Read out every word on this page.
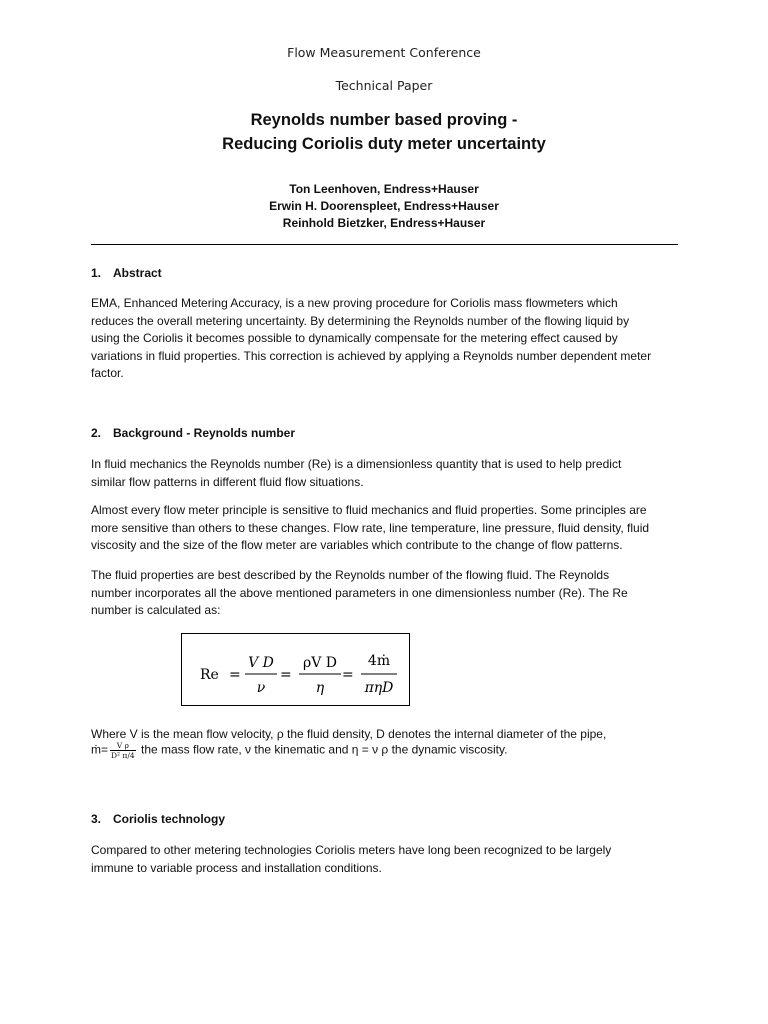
Flow Measurement Conference
Technical Paper
Reynolds number based proving -
Reducing Coriolis duty meter uncertainty
Ton Leenhoven, Endress+Hauser
Erwin H. Doorenspleet, Endress+Hauser
Reinhold Bietzker, Endress+Hauser
1. Abstract
EMA, Enhanced Metering Accuracy, is a new proving procedure for Coriolis mass flowmeters which
reduces the overall metering uncertainty. By determining the Reynolds number of the flowing liquid by
using the Coriolis it becomes possible to dynamically compensate for the metering effect caused by
variations in fluid properties. This correction is achieved by applying a Reynolds number dependent meter
factor.
2. Background - Reynolds number
In fluid mechanics the Reynolds number (Re) is a dimensionless quantity that is used to help predict
similar flow patterns in different fluid flow situations.
Almost every flow meter principle is sensitive to fluid mechanics and fluid properties. Some principles are
more sensitive than others to these changes. Flow rate, line temperature, line pressure, fluid density, fluid
viscosity and the size of the flow meter are variables which contribute to the change of flow patterns.
The fluid properties are best described by the Reynolds number of the flowing fluid. The Reynolds
number incorporates all the above mentioned parameters in one dimensionless number (Re). The Re
number is calculated as:
Re =
V D
ν
=
ρV D
η
=
4ṁ
πηD
Where V is the mean flow velocity, ρ the fluid density, D denotes the internal diameter of the pipe,
ṁ= $\frac{\text{V ρ}}{\text{D² π/4}}$ the mass flow rate, ν the kinematic and η = ν ρ the dynamic viscosity.
3. Coriolis technology
Compared to other metering technologies Coriolis meters have long been recognized to be largely
immune to variable process and installation conditions.
